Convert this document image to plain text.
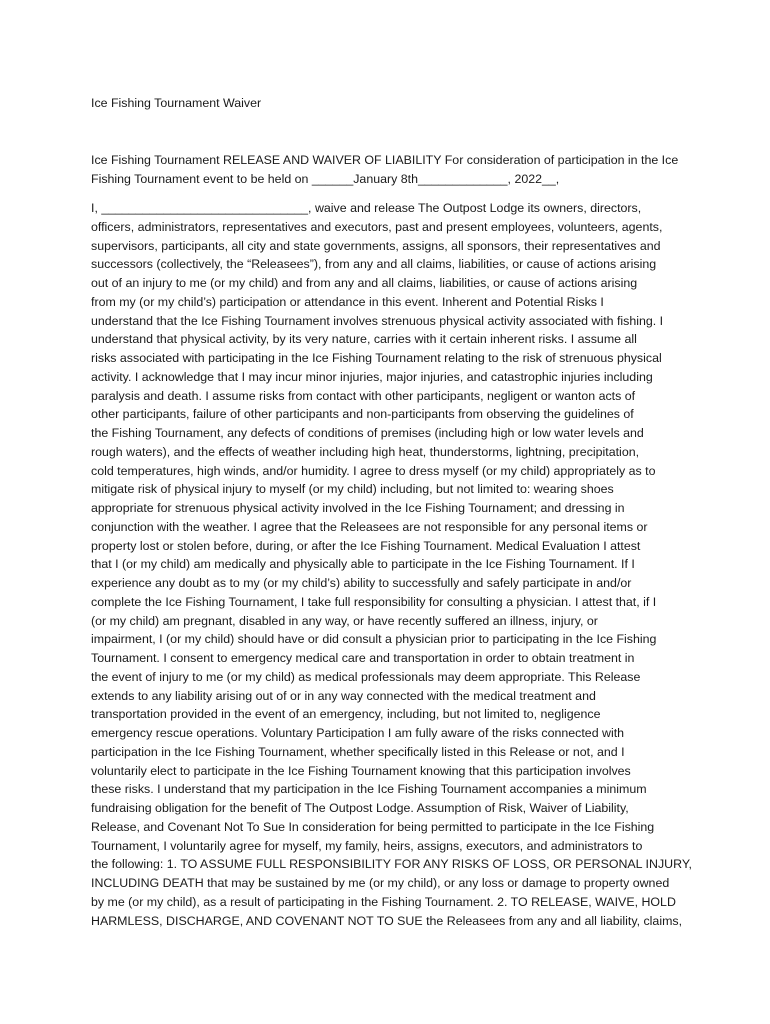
Ice Fishing Tournament Waiver
Ice Fishing Tournament RELEASE AND WAIVER OF LIABILITY For consideration of participation in the Ice
Fishing Tournament event to be held on ______January 8th_____________, 2022__,
I, ______________________________, waive and release The Outpost Lodge its owners, directors,
officers, administrators, representatives and executors, past and present employees, volunteers, agents,
supervisors, participants, all city and state governments, assigns, all sponsors, their representatives and
successors (collectively, the “Releasees”), from any and all claims, liabilities, or cause of actions arising
out of an injury to me (or my child) and from any and all claims, liabilities, or cause of actions arising
from my (or my child’s) participation or attendance in this event. Inherent and Potential Risks I
understand that the Ice Fishing Tournament involves strenuous physical activity associated with fishing. I
understand that physical activity, by its very nature, carries with it certain inherent risks. I assume all
risks associated with participating in the Ice Fishing Tournament relating to the risk of strenuous physical
activity. I acknowledge that I may incur minor injuries, major injuries, and catastrophic injuries including
paralysis and death. I assume risks from contact with other participants, negligent or wanton acts of
other participants, failure of other participants and non-participants from observing the guidelines of
the Fishing Tournament, any defects of conditions of premises (including high or low water levels and
rough waters), and the effects of weather including high heat, thunderstorms, lightning, precipitation,
cold temperatures, high winds, and/or humidity. I agree to dress myself (or my child) appropriately as to
mitigate risk of physical injury to myself (or my child) including, but not limited to: wearing shoes
appropriate for strenuous physical activity involved in the Ice Fishing Tournament; and dressing in
conjunction with the weather. I agree that the Releasees are not responsible for any personal items or
property lost or stolen before, during, or after the Ice Fishing Tournament. Medical Evaluation I attest
that I (or my child) am medically and physically able to participate in the Ice Fishing Tournament. If I
experience any doubt as to my (or my child’s) ability to successfully and safely participate in and/or
complete the Ice Fishing Tournament, I take full responsibility for consulting a physician. I attest that, if I
(or my child) am pregnant, disabled in any way, or have recently suffered an illness, injury, or
impairment, I (or my child) should have or did consult a physician prior to participating in the Ice Fishing
Tournament. I consent to emergency medical care and transportation in order to obtain treatment in
the event of injury to me (or my child) as medical professionals may deem appropriate. This Release
extends to any liability arising out of or in any way connected with the medical treatment and
transportation provided in the event of an emergency, including, but not limited to, negligence
emergency rescue operations. Voluntary Participation I am fully aware of the risks connected with
participation in the Ice Fishing Tournament, whether specifically listed in this Release or not, and I
voluntarily elect to participate in the Ice Fishing Tournament knowing that this participation involves
these risks. I understand that my participation in the Ice Fishing Tournament accompanies a minimum
fundraising obligation for the benefit of The Outpost Lodge. Assumption of Risk, Waiver of Liability,
Release, and Covenant Not To Sue In consideration for being permitted to participate in the Ice Fishing
Tournament, I voluntarily agree for myself, my family, heirs, assigns, executors, and administrators to
the following: 1. TO ASSUME FULL RESPONSIBILITY FOR ANY RISKS OF LOSS, OR PERSONAL INJURY,
INCLUDING DEATH that may be sustained by me (or my child), or any loss or damage to property owned
by me (or my child), as a result of participating in the Fishing Tournament. 2. TO RELEASE, WAIVE, HOLD
HARMLESS, DISCHARGE, AND COVENANT NOT TO SUE the Releasees from any and all liability, claims,
